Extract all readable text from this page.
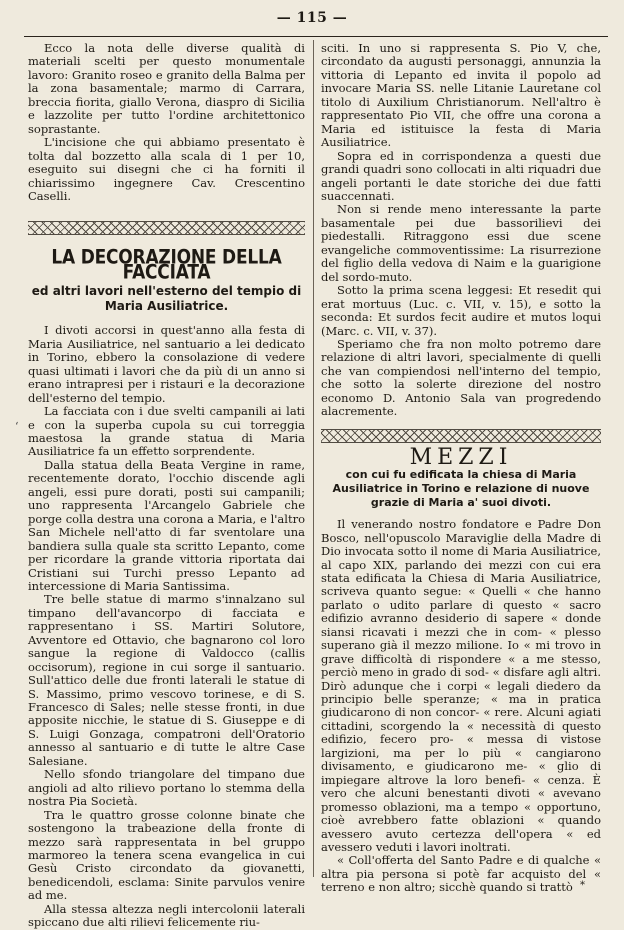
— 115 —
ʻ

Ecco la nota delle diverse qualità di materiali scelti per questo monumentale lavoro: Granito roseo e granito della Balma per la zona basamentale; marmo di Carrara, breccia fiorita, giallo Verona, diaspro di Sicilia e lazzolite per tutto l'ordine architettonico soprastante.

L'incisione che qui abbiamo presentato è tolta dal bozzetto alla scala di 1 per 10, eseguito sui disegni che ci ha forniti il chiarissimo ingegnere Cav. Crescentino Caselli.

LA DECORAZIONE DELLA FACCIATA
ed altri lavori nell'esterno del tempio di Maria Ausiliatrice.

I divoti accorsi in quest'anno alla festa di Maria Ausiliatrice, nel santuario a lei dedicato in Torino, ebbero la consolazione di vedere quasi ultimati i lavori che da più di un anno si erano intrapresi per i ristauri e la decorazione dell'esterno del tempio.

La facciata con i due svelti campanili ai lati e con la superba cupola su cui torreggia maestosa la grande statua di Maria Ausiliatrice fa un effetto sorprendente.

Dalla statua della Beata Vergine in rame, recentemente dorato, l'occhio discende agli angeli, essi pure dorati, posti sui campanili; uno rappresenta l'Arcangelo Gabriele che porge colla destra una corona a Maria, e l'altro San Michele nell'atto di far sventolare una bandiera sulla quale sta scritto Lepanto, come per ricordare la grande vittoria riportata dai Cristiani sui Turchi presso Lepanto ad intercessione di Maria Santissima.

Tre belle statue di marmo s'innalzano sul timpano dell'avancorpo di facciata e rappresentano i SS. Martiri Solutore, Avventore ed Ottavio, che bagnarono col loro sangue la regione di Valdocco (callis occisorum), regione in cui sorge il santuario. Sull'attico delle due fronti laterali le statue di S. Massimo, primo vescovo torinese, e di S. Francesco di Sales; nelle stesse fronti, in due apposite nicchie, le statue di S. Giuseppe e di S. Luigi Gonzaga, compatroni dell'Oratorio annesso al santuario e di tutte le altre Case Salesiane.

Nello sfondo triangolare del timpano due angioli ad alto rilievo portano lo stemma della nostra Pia Società.

Tra le quattro grosse colonne binate che sostengono la trabeazione della fronte di mezzo sarà rappresentata in bel gruppo marmoreo la tenera scena evangelica in cui Gesù Cristo circondato da giovanetti, benedicendoli, esclama: Sinite parvulos venire ad me.

Alla stessa altezza negli intercolonii laterali spiccano due alti rilievi felicemente riu-

sciti. In uno si rappresenta S. Pio V, che, circondato da augusti personaggi, annunzia la vittoria di Lepanto ed invita il popolo ad invocare Maria SS. nelle Litanie Lauretane col titolo di Auxilium Christianorum. Nell'altro è rappresentato Pio VII, che offre una corona a Maria ed istituisce la festa di Maria Ausiliatrice.

Sopra ed in corrispondenza a questi due grandi quadri sono collocati in alti riquadri due angeli portanti le date storiche dei due fatti suaccennati.

Non si rende meno interessante la parte basamentale pei due bassorilievi dei piedestalli. Ritraggono essi due scene evangeliche commoventissime: La risurrezione del figlio della vedova di Naim e la guarigione del sordo-muto.

Sotto la prima scena leggesi: Et resedit qui erat mortuus (Luc. c. VII, v. 15), e sotto la seconda: Et surdos fecit audire et mutos loqui (Marc. c. VII, v. 37).

Speriamo che fra non molto potremo dare relazione di altri lavori, specialmente di quelli che van compiendosi nell'interno del tempio, che sotto la solerte direzione del nostro economo D. Antonio Sala van progredendo alacremente.

MEZZI
con cui fu edificata la chiesa di Maria Ausiliatrice in Torino e relazione di nuove grazie di Maria a' suoi divoti.

Il venerando nostro fondatore e Padre Don Bosco, nell'opuscolo Maraviglie della Madre di Dio invocata sotto il nome di Maria Ausiliatrice, al capo XIX, parlando dei mezzi con cui era stata edificata la Chiesa di Maria Ausiliatrice, scriveva quanto segue: « Quelli « che hanno parlato o udito parlare di questo « sacro edifizio avranno desiderio di sapere « donde siansi ricavati i mezzi che in com- « plesso superano già il mezzo milione. Io « mi trovo in grave difficoltà di rispondere « a me stesso, perciò meno in grado di sod- « disfare agli altri. Dirò adunque che i corpi « legali diedero da principio belle speranze; « ma in pratica giudicarono di non concor- « rere. Alcuni agiati cittadini, scorgendo la « necessità di questo edifizio, fecero pro- « messa di vistose largizioni, ma per lo più « cangiarono divisamento, e giudicarono me- « glio di impiegare altrove la loro benefi- « cenza. È vero che alcuni benestanti divoti « avevano promesso oblazioni, ma a tempo « opportuno, cioè avrebbero fatte oblazioni « quando avessero avuto certezza dell'opera « ed avessero veduti i lavori inoltrati.

« Coll'offerta del Santo Padre e di qualche « altra pia persona si potè far acquisto del « terreno e non altro; sicchè quando si trattò *
